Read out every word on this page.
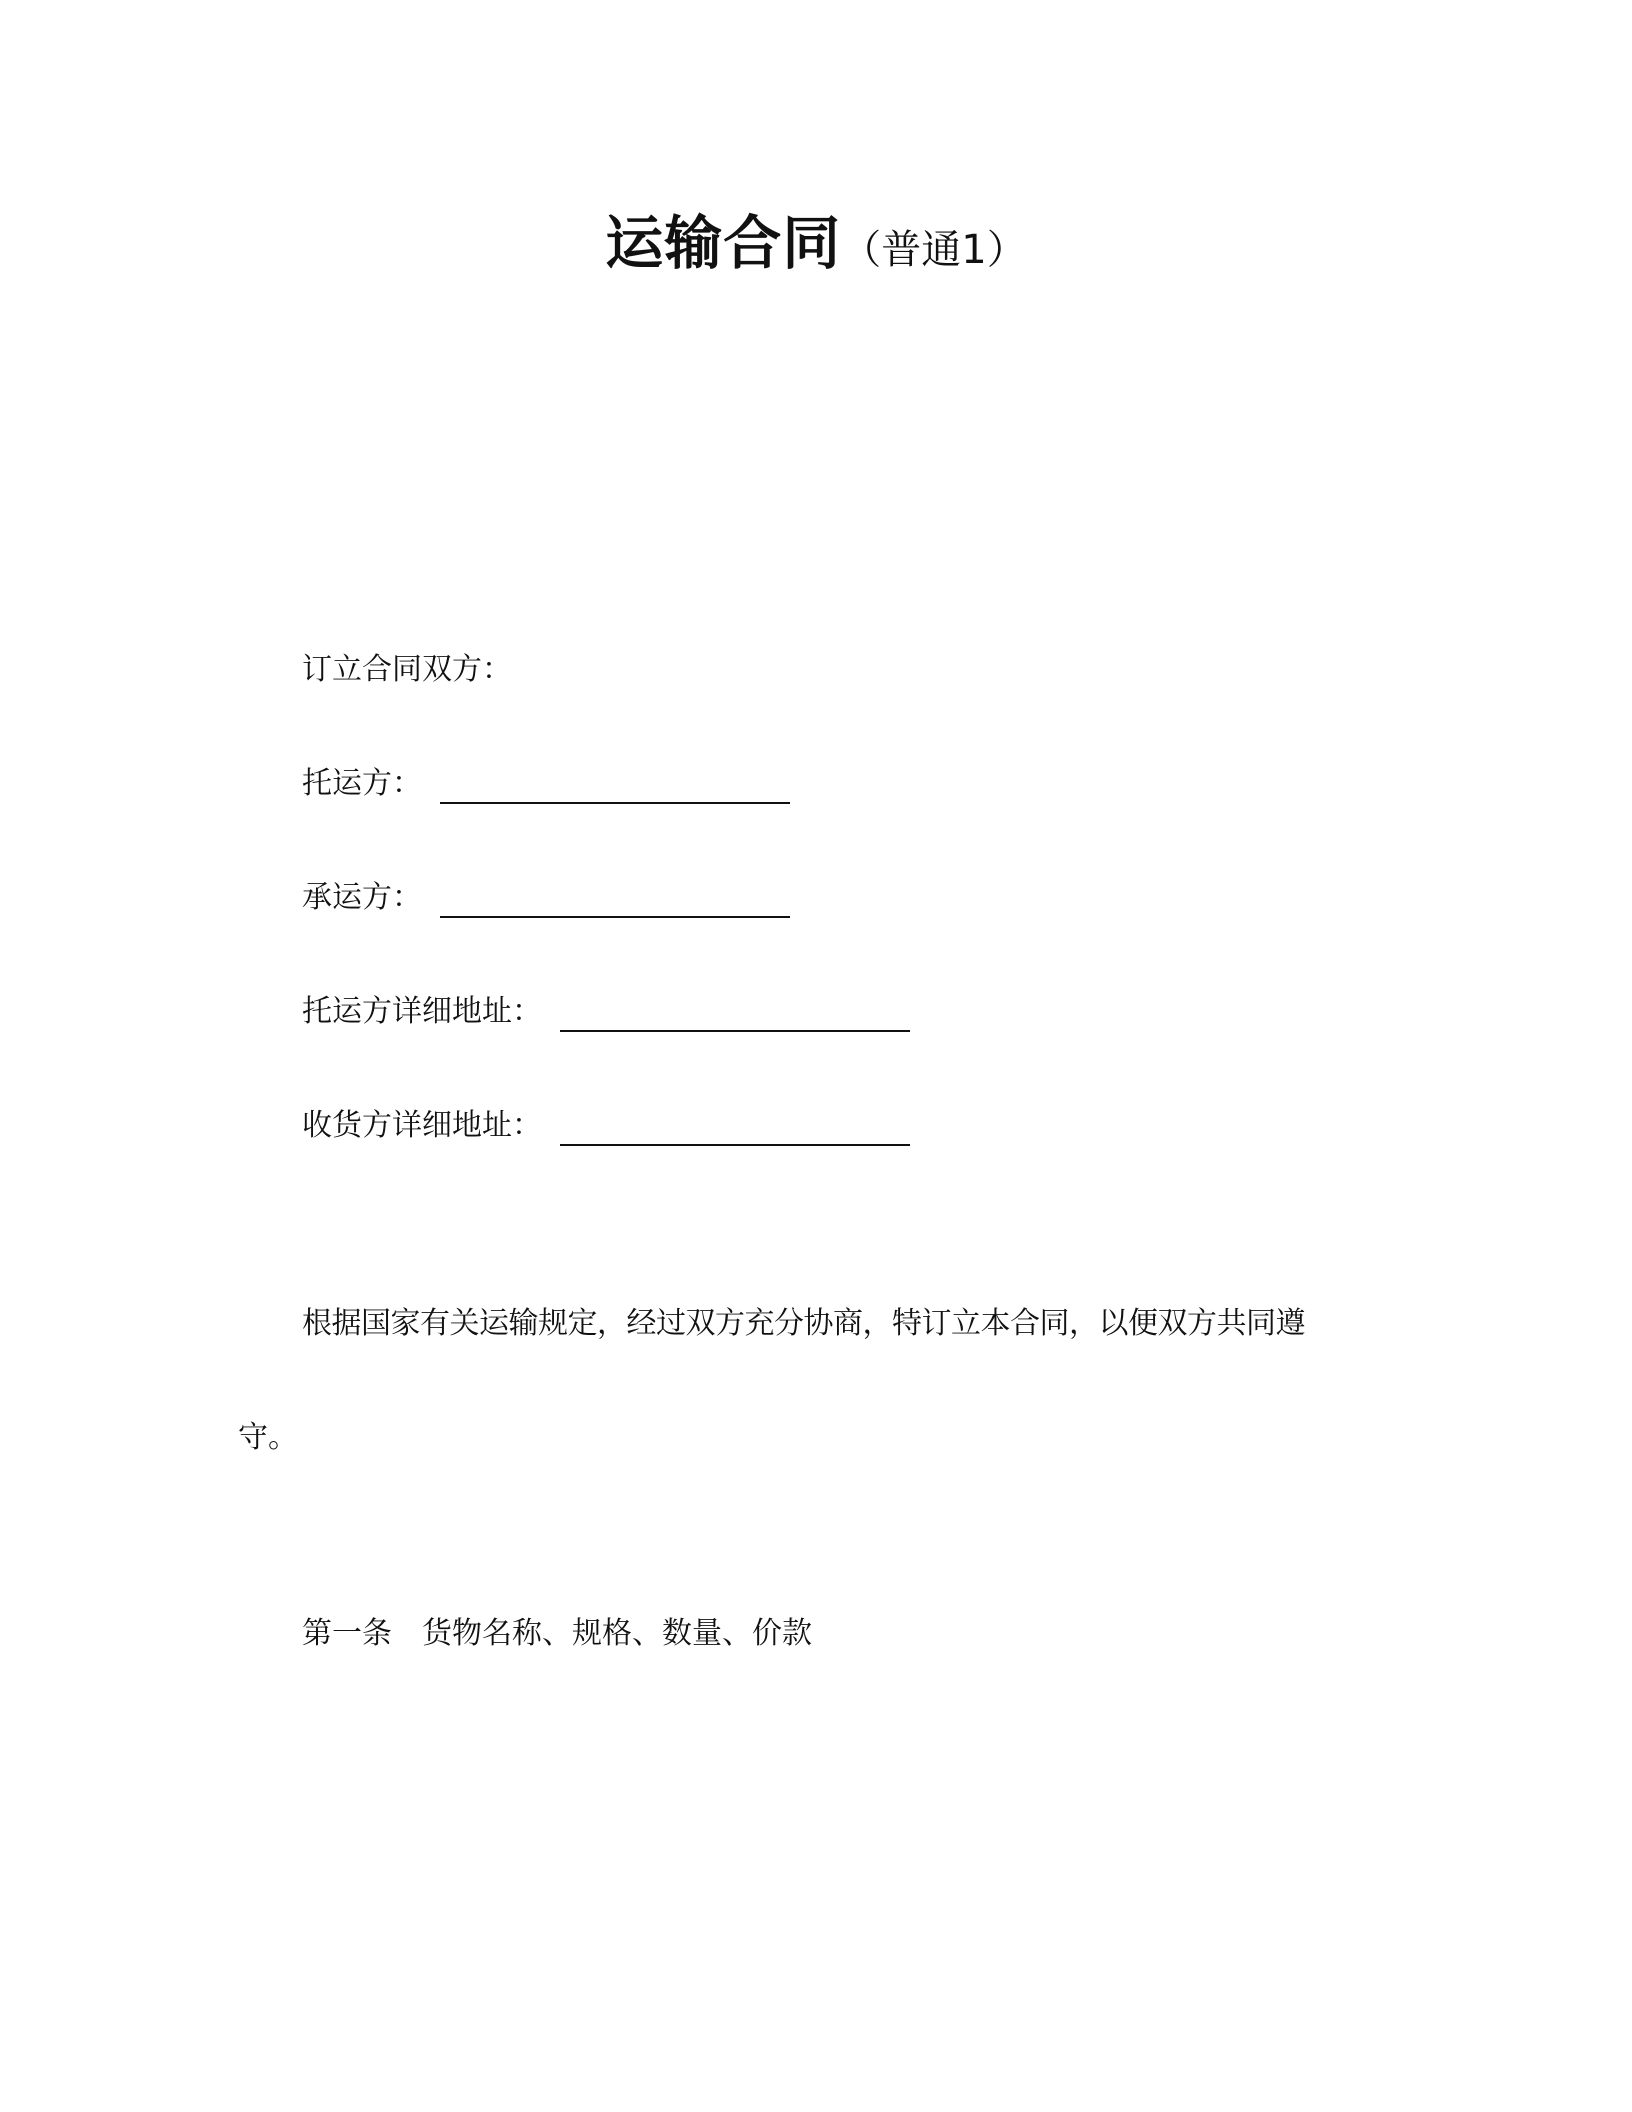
运输合同（普通1）
订立合同双方：
托运方：
承运方：
托运方详细地址：
收货方详细地址：
根据国家有关运输规定，经过双方充分协商，特订立本合同，以便双方共同遵
守。
第一条　货物名称、规格、数量、价款
